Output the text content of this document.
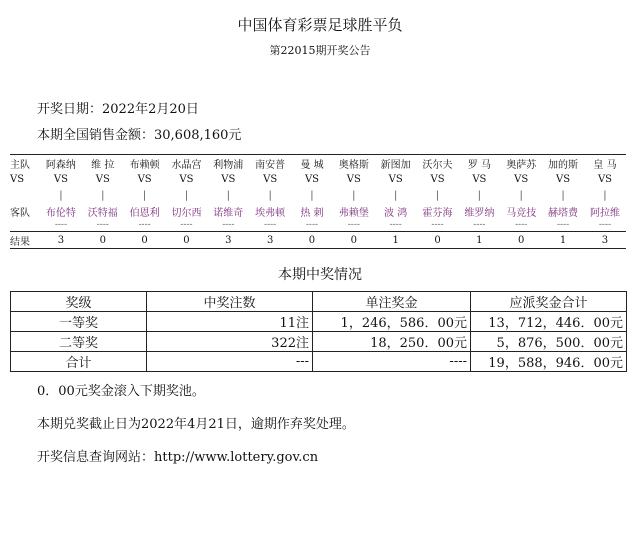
中国体育彩票足球胜平负
第22015期开奖公告
开奖日期：2022年2月20日
本期全国销售金额：30,608,160元
主队	阿森纳	维 拉	布赖顿	水晶宫	利物浦	南安普	曼 城	奥格斯	新图加	沃尔夫	罗 马	奥萨苏	加的斯	皇 马
VS	VS	VS	VS	VS	VS	VS	VS	VS	VS	VS	VS	VS	VS	VS
	|	|	|	|	|	|	|	|	|	|	|	|	|	|
客队	布伦特	沃特福	伯恩利	切尔西	诺维奇	埃弗顿	热 刺	弗赖堡	波 鸿	霍芬海	维罗纳	马竞技	赫塔费	阿拉维
	----	----	----	----	----	----	----	----	----	----	----	----	----	----
结果	3	0	0	0	3	3	0	0	1	0	1	0	1	3
本期中奖情况
奖级	中奖注数	单注奖金	应派奖金合计
一等奖	11注	1，246，586．00元	13，712，446．00元
二等奖	322注	18，250．00元	5，876，500．00元
合计	---	----	19，588，946．00元
0．00元奖金滚入下期奖池。
本期兑奖截止日为2022年4月21日，逾期作弃奖处理。
开奖信息查询网站：http://www.lottery.gov.cn
